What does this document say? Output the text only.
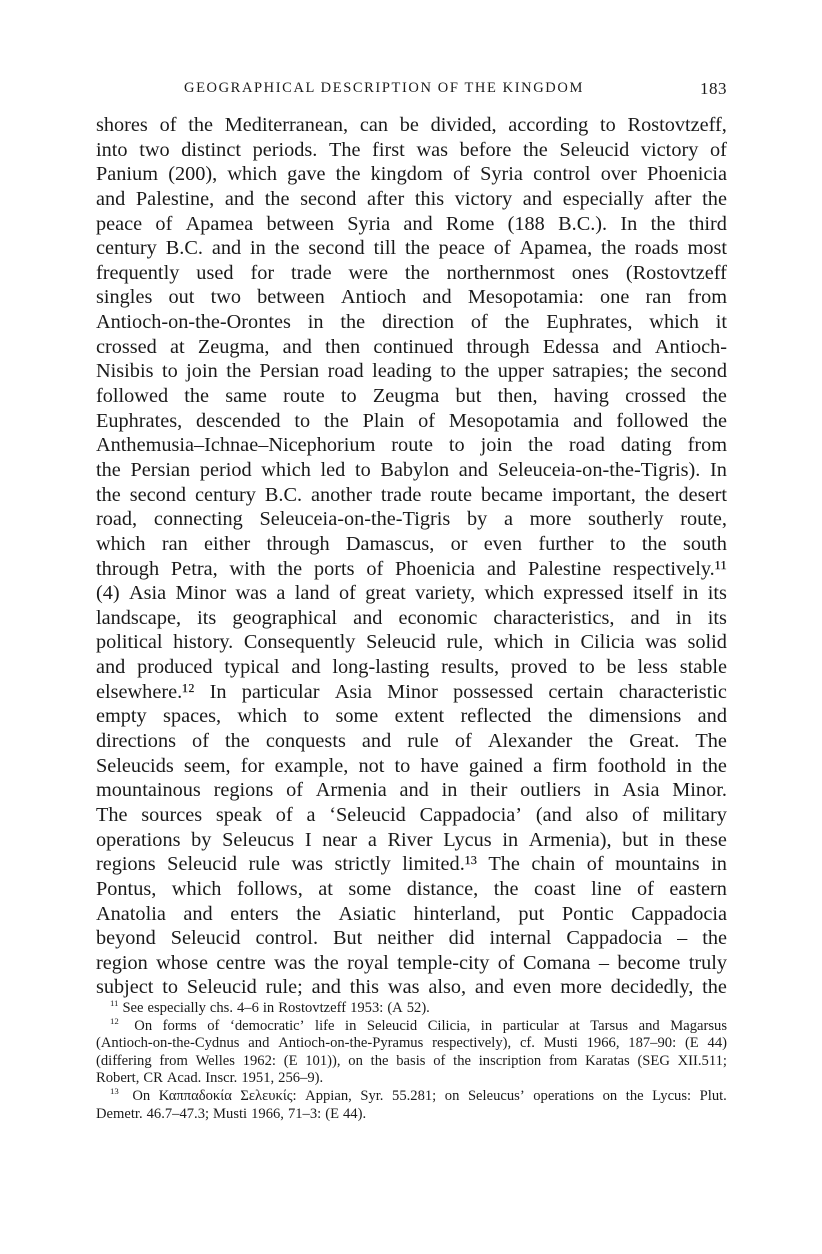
GEOGRAPHICAL DESCRIPTION OF THE KINGDOM	183
shores of the Mediterranean, can be divided, according to Rostovtzeff,
into two distinct periods. The first was before the Seleucid victory of
Panium (200), which gave the kingdom of Syria control over Phoenicia
and Palestine, and the second after this victory and especially after the
peace of Apamea between Syria and Rome (188 B.C.). In the third
century B.C. and in the second till the peace of Apamea, the roads most
frequently used for trade were the northernmost ones (Rostovtzeff
singles out two between Antioch and Mesopotamia: one ran from
Antioch-on-the-Orontes in the direction of the Euphrates, which it
crossed at Zeugma, and then continued through Edessa and Antioch-
Nisibis to join the Persian road leading to the upper satrapies; the second
followed the same route to Zeugma but then, having crossed the
Euphrates, descended to the Plain of Mesopotamia and followed the
Anthemusia–Ichnae–Nicephorium route to join the road dating from
the Persian period which led to Babylon and Seleuceia-on-the-Tigris). In
the second century B.C. another trade route became important, the desert
road, connecting Seleuceia-on-the-Tigris by a more southerly route,
which ran either through Damascus, or even further to the south
through Petra, with the ports of Phoenicia and Palestine respectively.¹¹
(4) Asia Minor was a land of great variety, which expressed itself in its
landscape, its geographical and economic characteristics, and in its
political history. Consequently Seleucid rule, which in Cilicia was solid
and produced typical and long-lasting results, proved to be less stable
elsewhere.¹² In particular Asia Minor possessed certain characteristic
empty spaces, which to some extent reflected the dimensions and
directions of the conquests and rule of Alexander the Great. The
Seleucids seem, for example, not to have gained a firm foothold in the
mountainous regions of Armenia and in their outliers in Asia Minor.
The sources speak of a ‘Seleucid Cappadocia’ (and also of military
operations by Seleucus I near a River Lycus in Armenia), but in these
regions Seleucid rule was strictly limited.¹³ The chain of mountains in
Pontus, which follows, at some distance, the coast line of eastern
Anatolia and enters the Asiatic hinterland, put Pontic Cappadocia
beyond Seleucid control. But neither did internal Cappadocia – the
region whose centre was the royal temple-city of Comana – become truly
subject to Seleucid rule; and this was also, and even more decidedly, the
$^{11}$ See especially chs. 4–6 in Rostovtzeff 1953: (A 52).
$^{12}$ On forms of ‘democratic’ life in Seleucid Cilicia, in particular at Tarsus and Magarsus
(Antioch-on-the-Cydnus and Antioch-on-the-Pyramus respectively), cf. Musti 1966, 187–90: (E 44)
(differing from Welles 1962: (E 101)), on the basis of the inscription from Karatas (SEG XII.511;
Robert, CR Acad. Inscr. 1951, 256–9).
$^{13}$ On Καππαδοκία Σελευκίς: Appian, Syr. 55.281; on Seleucus’ operations on the Lycus: Plut.
Demetr. 46.7–47.3; Musti 1966, 71–3: (E 44).
